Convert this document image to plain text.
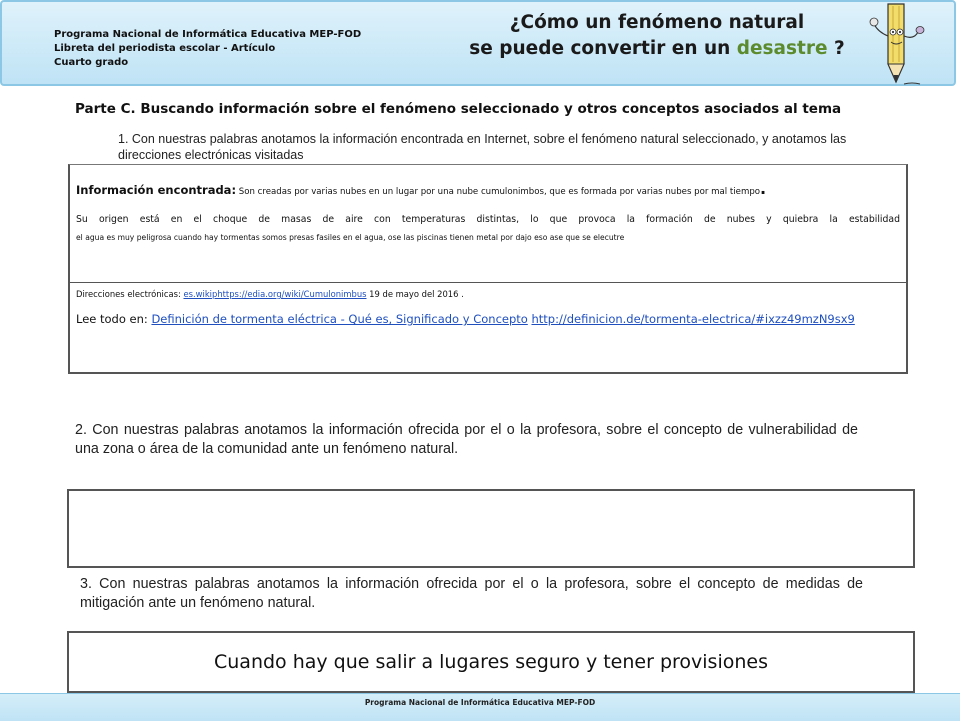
Programa Nacional de Informática Educativa MEP-FOD
Libreta del periodista escolar - Artículo
Cuarto grado
¿Cómo un fenómeno natural
se puede convertir en un desastre ?
Parte C. Buscando información sobre el fenómeno seleccionado y otros conceptos asociados al tema
1. Con nuestras palabras anotamos la información encontrada en Internet, sobre el fenómeno natural seleccionado, y anotamos las direcciones electrónicas visitadas
Información encontrada: Son creadas por varias nubes en un lugar por una nube cumulonimbos, que es formada por varias nubes por mal tiempo.
Su origen está en el choque de masas de aire con temperaturas distintas, lo que provoca la formación de nubes y quiebra la estabilidad
el agua es muy peligrosa cuando hay tormentas somos presas fasiles en el agua, ose las piscinas tienen metal por dajo eso ase que se elecutre
Direcciones electrónicas: es.wikiphttps://edia.org/wiki/Cumulonimbus 19 de mayo del 2016 .
Lee todo en: Definición de tormenta eléctrica - Qué es, Significado y Concepto http://definicion.de/tormenta-electrica/#ixzz49mzN9sx9
2. Con nuestras palabras anotamos la información ofrecida por el o la profesora, sobre el concepto de vulnerabilidad de una zona o área de la comunidad ante un fenómeno natural.
3. Con nuestras palabras anotamos la información ofrecida por el o la profesora, sobre el concepto de medidas de mitigación ante un fenómeno natural.
Cuando hay que salir a lugares seguro y tener provisiones
Programa Nacional de Informática Educativa MEP-FOD
